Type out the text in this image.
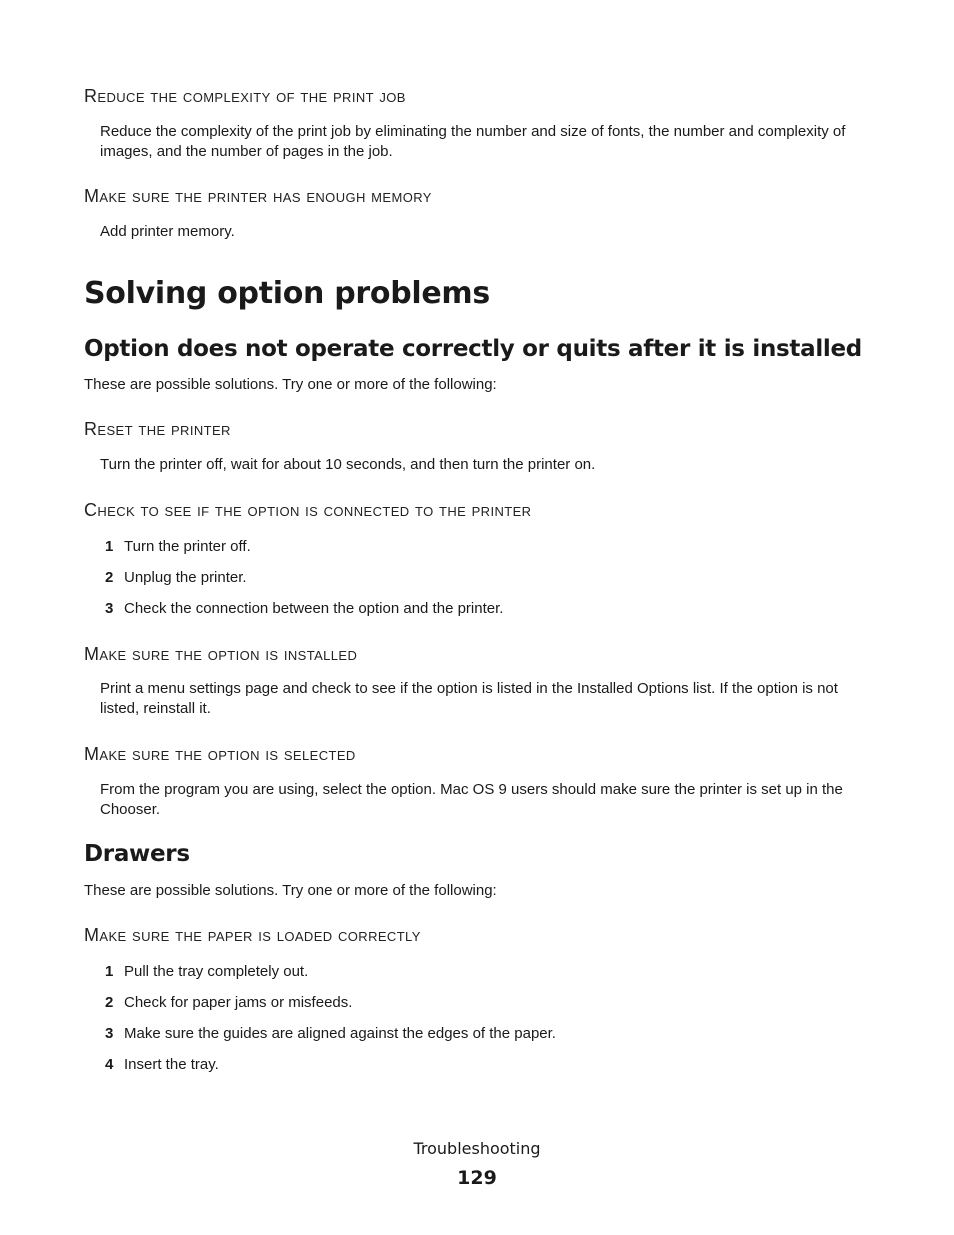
Reduce the complexity of the print job

Reduce the complexity of the print job by eliminating the number and size of fonts, the number and complexity of images, and the number of pages in the job.

Make sure the printer has enough memory

Add printer memory.

Solving option problems
Option does not operate correctly or quits after it is installed

These are possible solutions. Try one or more of the following:

Reset the printer

Turn the printer off, wait for about 10 seconds, and then turn the printer on.

Check to see if the option is connected to the printer

1 Turn the printer off.

2 Unplug the printer.

3 Check the connection between the option and the printer.

Make sure the option is installed

Print a menu settings page and check to see if the option is listed in the Installed Options list. If the option is not listed, reinstall it.

Make sure the option is selected

From the program you are using, select the option. Mac OS 9 users should make sure the printer is set up in the Chooser.

Drawers

These are possible solutions. Try one or more of the following:

Make sure the paper is loaded correctly

1 Pull the tray completely out.

2 Check for paper jams or misfeeds.

3 Make sure the guides are aligned against the edges of the paper.

4 Insert the tray.

Troubleshooting

129
